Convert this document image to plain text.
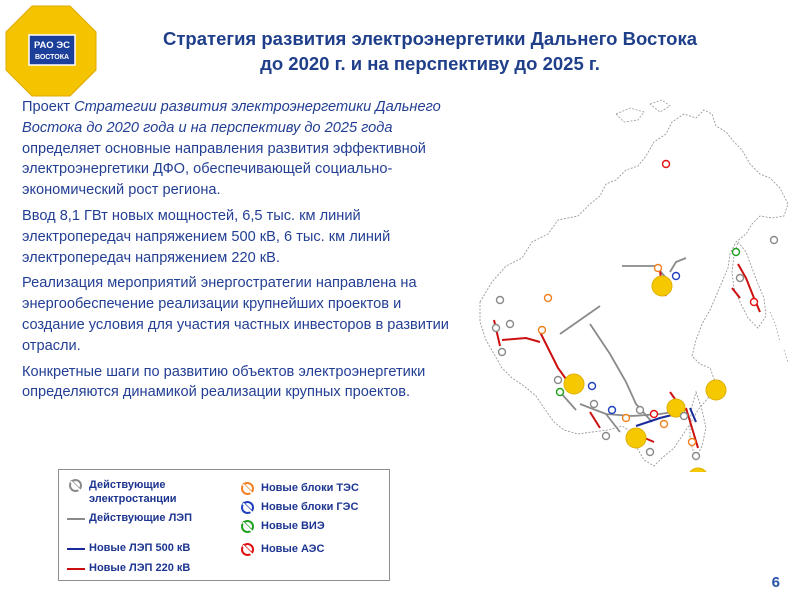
РАО ЭС
ВОСТОКА
Стратегия развития электроэнергетики Дальнего Востока
до 2020 г. и на перспективу до 2025 г.

Проект Стратегии развития электроэнергетики Дальнего Востока до 2020 года и на перспективу до 2025 года определяет основные направления развития эффективной электроэнергетики ДФО, обеспечивающей социально-экономический рост региона.

Ввод 8,1 ГВт новых мощностей, 6,5 тыс. км линий электропередач напряжением 500 кВ, 6 тыс. км линий электропередач напряжением 220 кВ.

Реализация мероприятий энергостратегии направлена на энергообеспечение реализации крупнейших проектов и создание условия для участия частных инвесторов в развитии отрасли.

Конкретные шаги по развитию объектов электроэнергетики определяются динамикой реализации крупных проектов.

Действующие электростанции
Действующие ЛЭП
Новые ЛЭП 500 кВ
Новые ЛЭП 220 кВ
Новые блоки ТЭС
Новые блоки ГЭС
Новые ВИЭ
Новые АЭС
6
